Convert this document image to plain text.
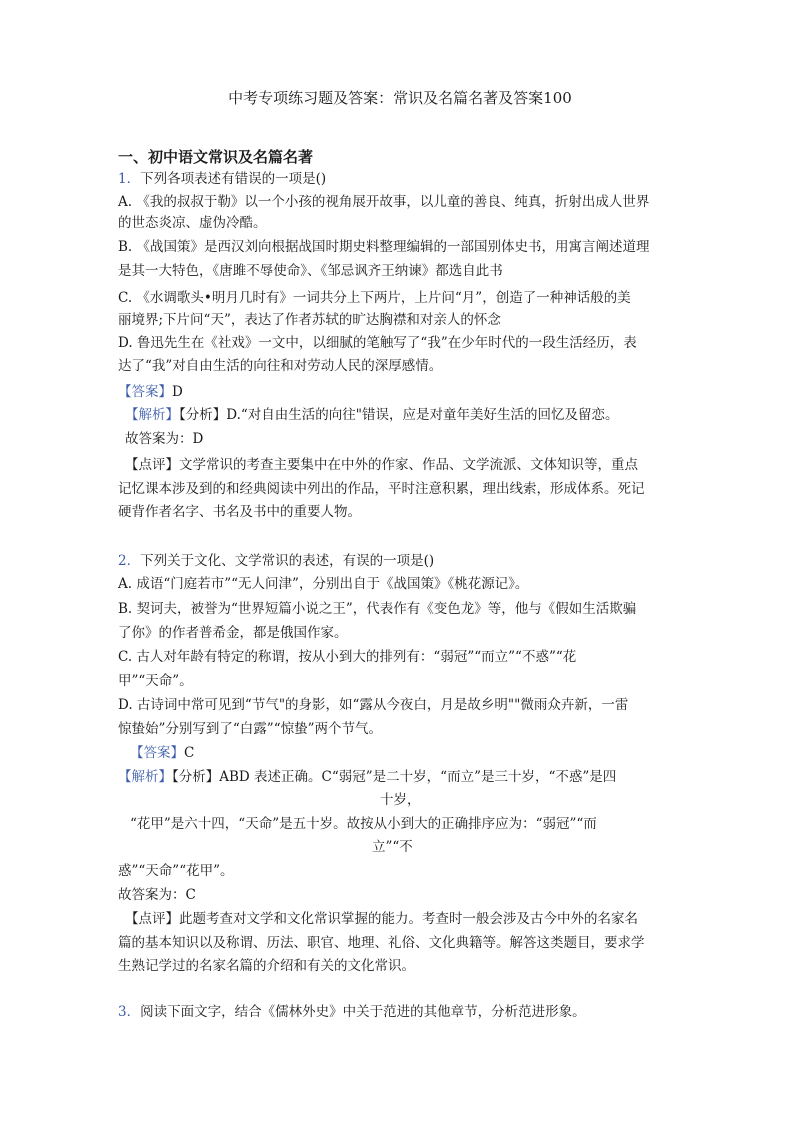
中考专项练习题及答案：常识及名篇名著及答案100
一、初中语文常识及名篇名著
1．下列各项表述有错误的一项是()
A. 《我的叔叔于勒》以一个小孩的视角展开故事，以儿童的善良、纯真，折射出成人世界
的世态炎凉、虚伪冷酷。
B. 《战国策》是西汉刘向根据战国时期史料整理编辑的一部国别体史书，用寓言阐述道理
是其一大特色，《唐雎不辱使命》、《邹忌讽齐王纳谏》都选自此书
C. 《水调歌头•明月几时有》一词共分上下两片，上片问“月”，创造了一种神话般的美
丽境界;下片问“天”，表达了作者苏轼的旷达胸襟和对亲人的怀念
D. 鲁迅先生在《社戏》一文中，以细腻的笔触写了“我”在少年时代的一段生活经历，表
达了“我”对自由生活的向往和对劳动人民的深厚感情。
【答案】D
【解析】【分析】D.“对自由生活的向往"错误，应是对童年美好生活的回忆及留恋。
故答案为：D
【点评】文学常识的考查主要集中在中外的作家、作品、文学流派、文体知识等，重点
记忆课本涉及到的和经典阅读中列出的作品，平时注意积累，理出线索，形成体系。死记
硬背作者名字、书名及书中的重要人物。
2．下列关于文化、文学常识的表述，有误的一项是()
A. 成语“门庭若市”“无人问津”，分别出自于《战国策》《桃花源记》。
B. 契诃夫，被誉为“世界短篇小说之王”，代表作有《变色龙》等，他与《假如生活欺骗
了你》的作者普希金，都是俄国作家。
C. 古人对年龄有特定的称谓，按从小到大的排列有：“弱冠”“而立”“不惑”“花
甲”“天命”。
D. 古诗词中常可见到“节气"的身影，如“露从今夜白，月是故乡明""微雨众卉新，一雷
惊蛰始”分别写到了“白露”“惊蛰”两个节气。
【答案】C
【解析】【分析】ABD 表述正确。C“弱冠”是二十岁，“而立”是三十岁，“不惑”是四
十岁，
“花甲”是六十四，“天命”是五十岁。故按从小到大的正确排序应为：“弱冠”“而
立”“不
惑”“天命”“花甲”。
故答案为：C
【点评】此题考查对文学和文化常识掌握的能力。考查时一般会涉及古今中外的名家名
篇的基本知识以及称谓、历法、职官、地理、礼俗、文化典籍等。解答这类题目，要求学
生熟记学过的名家名篇的介绍和有关的文化常识。
3．阅读下面文字，结合《儒林外史》中关于范进的其他章节，分析范进形象。
